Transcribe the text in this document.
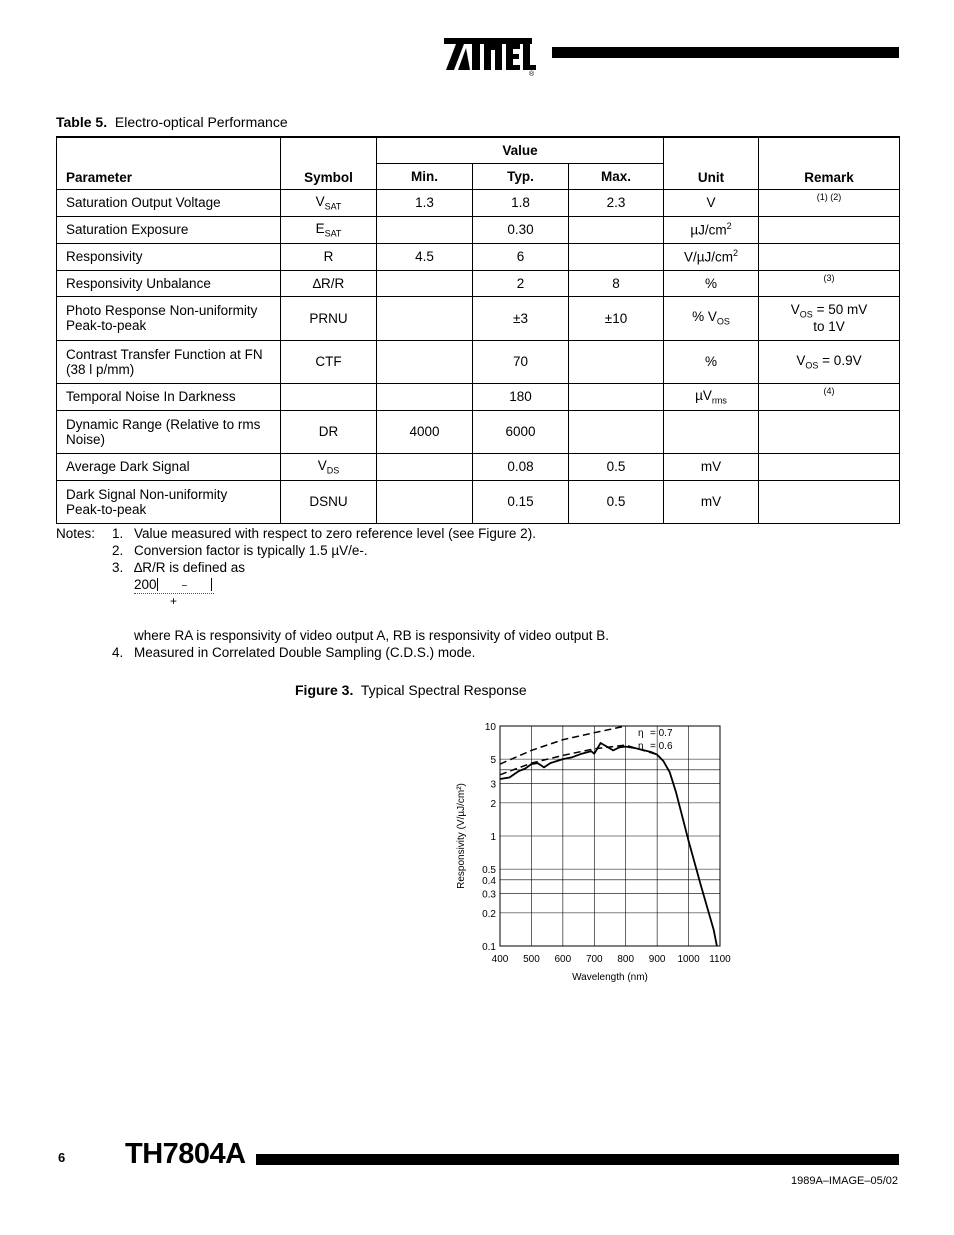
®
Table 5. Electro-optical Performance
Parameter	Symbol	Value			Unit	Remark
		Min.	Typ.	Max.		
Saturation Output Voltage	$V_{SAT}$	1.3	1.8	2.3	V	$^{(1) (2)}$
Saturation Exposure	$E_{SAT}$		0.30		$\mu J/cm^2$	
Responsivity	R	4.5	6		$V/\mu J/cm^2$	
Responsivity Unbalance	∆R/R		2	8	%	$^{(3)}$
Photo Response Non-uniformity
Peak-to-peak	PRNU		±3	±10	% $V_{OS}$	$V_{OS} = 50$ mV
to 1V
Contrast Transfer Function at FN
(38 l p/mm)	CTF		70		%	$V_{OS} = 0.9V$
Temporal Noise In Darkness			180		µV$_{rms}$	$^{(4)}$
Dynamic Range (Relative to rms
Noise)	DR	4000	6000			
Average Dark Signal	$V_{DS}$		0.08	0.5	mV	
Dark Signal Non-uniformity
Peak-to-peak	DSNU		0.15	0.5	mV	
Notes: 1. Value measured with respect to zero reference level (see Figure 2).
2. Conversion factor is typically 1.5 µV/e-.
3. ∆R/R is defined as
200	−
+
where RA is responsivity of video output A, RB is responsivity of video output B.
4. Measured in Correlated Double Sampling (C.D.S.) mode.
Figure 3. Typical Spectral Response
400 500 600 700 800 900 1000 1100
10
5
3
2
1
0.5
0.4
0.3
0.2
0.1
Wavelength (nm)
Responsivity (V/µJ/cm²)
η = 0.7
η = 0.6
6 TH7804A
1989A–IMAGE–05/02
